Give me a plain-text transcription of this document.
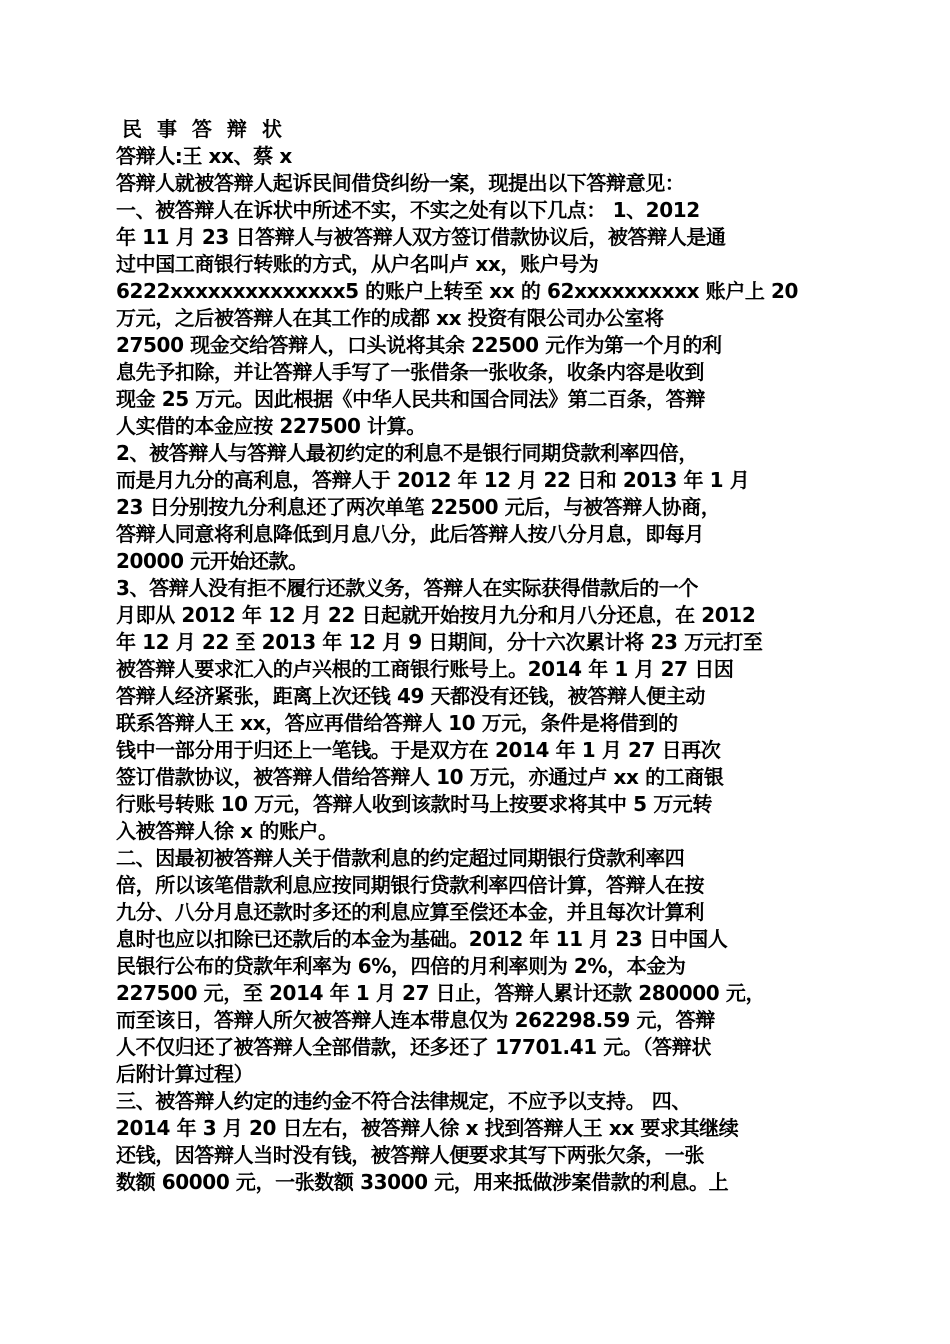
民 事 答 辩 状
答辩人:王 xx、蔡 x
答辩人就被答辩人起诉民间借贷纠纷一案，现提出以下答辩意见：
一、被答辩人在诉状中所述不实，不实之处有以下几点： 1、2012
年 11 月 23 日答辩人与被答辩人双方签订借款协议后，被答辩人是通
过中国工商银行转账的方式，从户名叫卢 xx，账户号为
6222xxxxxxxxxxxxxx5 的账户上转至 xx 的 62xxxxxxxxxx 账户上 20
万元，之后被答辩人在其工作的成都 xx 投资有限公司办公室将
27500 现金交给答辩人，口头说将其余 22500 元作为第一个月的利
息先予扣除，并让答辩人手写了一张借条一张收条，收条内容是收到
现金 25 万元。因此根据《中华人民共和国合同法》第二百条，答辩
人实借的本金应按 227500 计算。
2、被答辩人与答辩人最初约定的利息不是银行同期贷款利率四倍，
而是月九分的高利息，答辩人于 2012 年 12 月 22 日和 2013 年 1 月
23 日分别按九分利息还了两次单笔 22500 元后，与被答辩人协商，
答辩人同意将利息降低到月息八分，此后答辩人按八分月息，即每月
20000 元开始还款。
3、答辩人没有拒不履行还款义务，答辩人在实际获得借款后的一个
月即从 2012 年 12 月 22 日起就开始按月九分和月八分还息，在 2012
年 12 月 22 至 2013 年 12 月 9 日期间，分十六次累计将 23 万元打至
被答辩人要求汇入的卢兴根的工商银行账号上。2014 年 1 月 27 日因
答辩人经济紧张，距离上次还钱 49 天都没有还钱，被答辩人便主动
联系答辩人王 xx，答应再借给答辩人 10 万元，条件是将借到的
钱中一部分用于归还上一笔钱。于是双方在 2014 年 1 月 27 日再次
签订借款协议，被答辩人借给答辩人 10 万元，亦通过卢 xx 的工商银
行账号转账 10 万元，答辩人收到该款时马上按要求将其中 5 万元转
入被答辩人徐 x 的账户。
二、因最初被答辩人关于借款利息的约定超过同期银行贷款利率四
倍，所以该笔借款利息应按同期银行贷款利率四倍计算，答辩人在按
九分、八分月息还款时多还的利息应算至偿还本金，并且每次计算利
息时也应以扣除已还款后的本金为基础。2012 年 11 月 23 日中国人
民银行公布的贷款年利率为 6%，四倍的月利率则为 2%，本金为
227500 元，至 2014 年 1 月 27 日止，答辩人累计还款 280000 元，
而至该日，答辩人所欠被答辩人连本带息仅为 262298.59 元，答辩
人不仅归还了被答辩人全部借款，还多还了 17701.41 元。（答辩状
后附计算过程）
三、被答辩人约定的违约金不符合法律规定，不应予以支持。 四、
2014 年 3 月 20 日左右，被答辩人徐 x 找到答辩人王 xx 要求其继续
还钱，因答辩人当时没有钱，被答辩人便要求其写下两张欠条，一张
数额 60000 元，一张数额 33000 元，用来抵做涉案借款的利息。上
